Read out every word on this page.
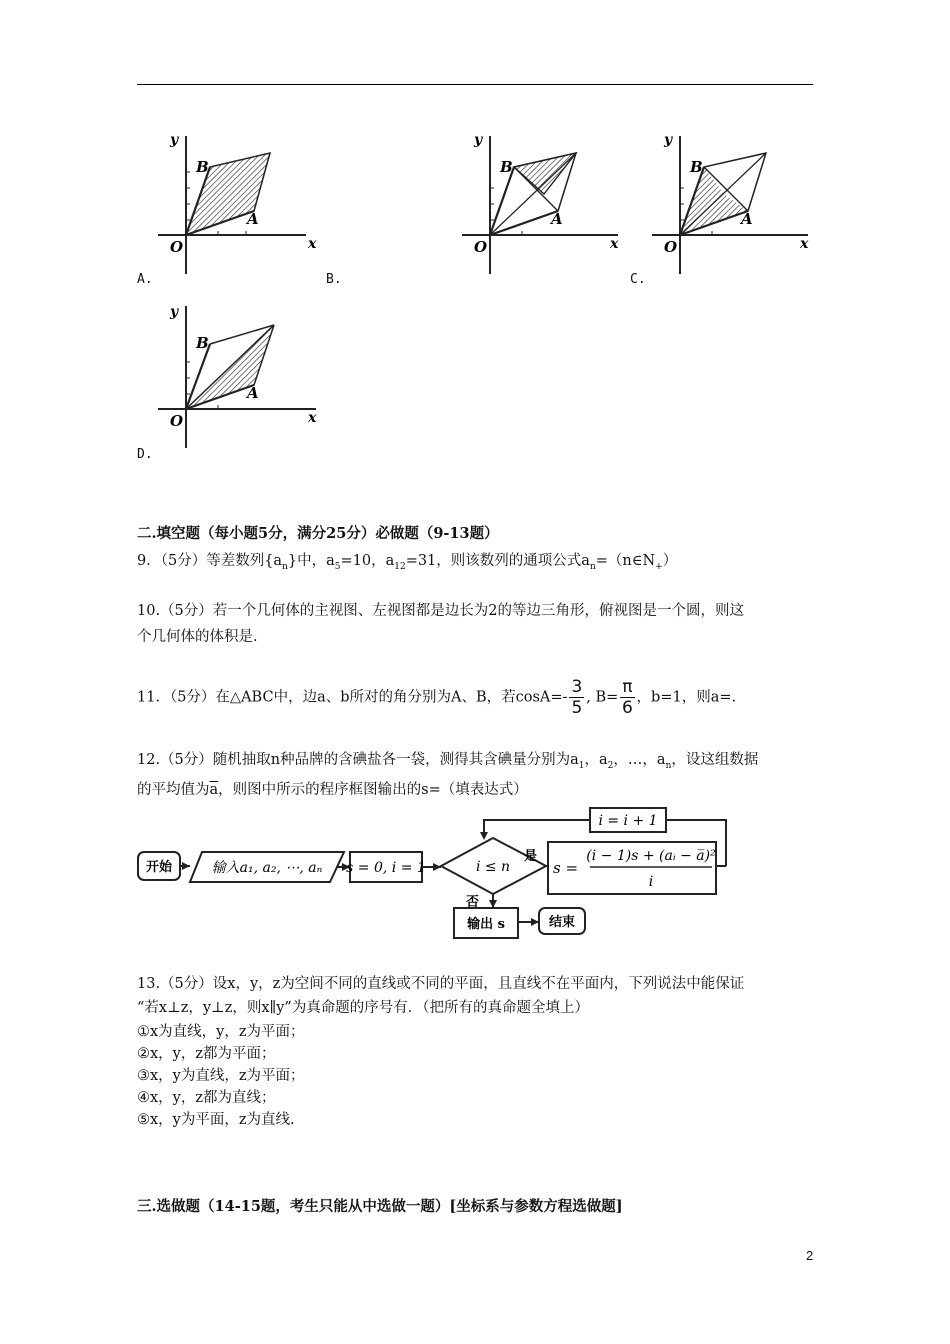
y
x
O
B
A
y
x
O
B
A
y
x
O
B
A
y
x
O
B
A
A.	B.	C.
D.
二.填空题（每小题5分，满分25分）必做题（9-13题）
9．（5分）等差数列$\{a_n\}$中，$a_5=10$，$a_{12}=31$，则该数列的通项公式$a_n=(n\in N_+)$
10.（5分）若一个几何体的主视图、左视图都是边长为2的等边三角形，俯视图是一个圆，则这
个几何体的体积是.
11．（5分）在△ABC中，边a、b所对的角分别为A、B，若$\cos A=- \frac{3}{5}$ , $B= \frac{\pi}{6}$ ，b=1，则a=.
12.（5分）随机抽取n种品牌的含碘盐各一袋，测得其含碘量分别为$a_1$，$a_2$，…，$a_n$，设这组数据
的平均值为$\overline{a}$，则图中所示的程序框图输出的s=（填表达式）
开始	输入a₁, a₂, ⋯, aₙ s = 0, i = 1	i ≤ n
是
否
i = i + 1
s =
(i − 1)s + (aᵢ − a̅)²
i
输出 s	结束
13.（5分）设x，y，z为空间不同的直线或不同的平面，且直线不在平面内，下列说法中能保证
“若x⊥z，y⊥z，则x∥y”为真命题的序号有．（把所有的真命题全填上）
①x为直线，y，z为平面；
②x，y，z都为平面；
③x，y为直线，z为平面；
④x，y，z都为直线；
⑤x，y为平面，z为直线.
三.选做题（14-15题，考生只能从中选做一题）[坐标系与参数方程选做题]
2
